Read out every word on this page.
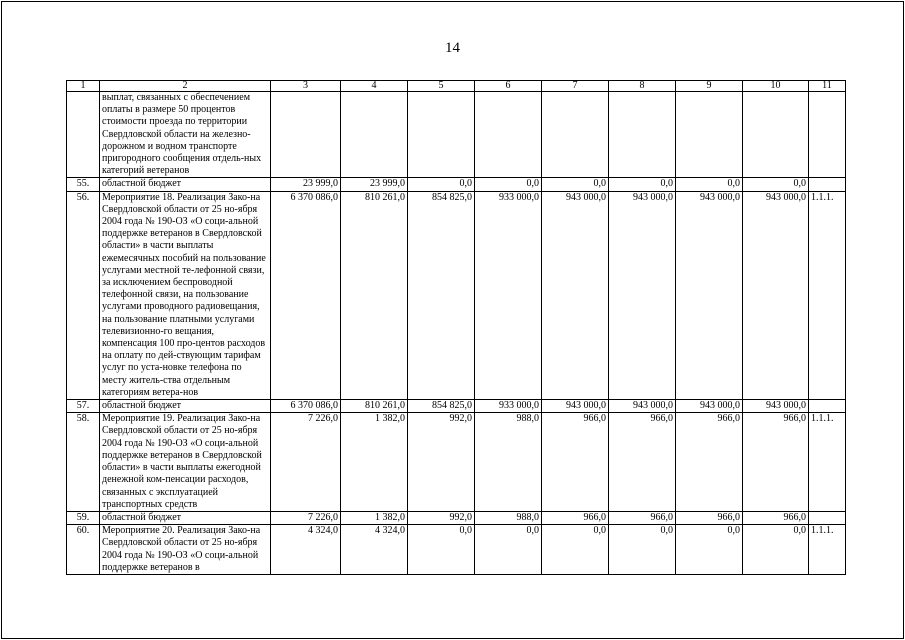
14
1	2	3	4	5	6	7	8	9	10	11
	выплат, связанных с обеспечением оплаты в размере 50 процентов стоимости проезда по территории Свердловской области на железно-дорожном и водном транспорте пригородного сообщения отдель-ных категорий ветеранов									
55.	областной бюджет	23 999,0	23 999,0	0,0	0,0	0,0	0,0	0,0	0,0	
56.	Мероприятие 18. Реализация Зако-на Свердловской области от 25 но-ября 2004 года № 190-ОЗ «О соци-альной поддержке ветеранов в Свердловской области» в части выплаты ежемесячных пособий на пользование услугами местной те-лефонной связи, за исключением беспроводной телефонной связи, на пользование услугами проводного радиовещания, на пользование платными услугами телевизионно-го вещания, компенсация 100 про-центов расходов на оплату по дей-ствующим тарифам услуг по уста-новке телефона по месту житель-ства отдельным категориям ветера-нов	6 370 086,0	810 261,0	854 825,0	933 000,0	943 000,0	943 000,0	943 000,0	943 000,0	1.1.1.
57.	областной бюджет	6 370 086,0	810 261,0	854 825,0	933 000,0	943 000,0	943 000,0	943 000,0	943 000,0	
58.	Мероприятие 19. Реализация Зако-на Свердловской области от 25 но-ября 2004 года № 190-ОЗ «О соци-альной поддержке ветеранов в Свердловской области» в части выплаты ежегодной денежной ком-пенсации расходов, связанных с эксплуатацией транспортных средств	7 226,0	1 382,0	992,0	988,0	966,0	966,0	966,0	966,0	1.1.1.
59.	областной бюджет	7 226,0	1 382,0	992,0	988,0	966,0	966,0	966,0	966,0	
60.	Мероприятие 20. Реализация Зако-на Свердловской области от 25 но-ября 2004 года № 190-ОЗ «О соци-альной поддержке ветеранов в	4 324,0	4 324,0	0,0	0,0	0,0	0,0	0,0	0,0	1.1.1.
